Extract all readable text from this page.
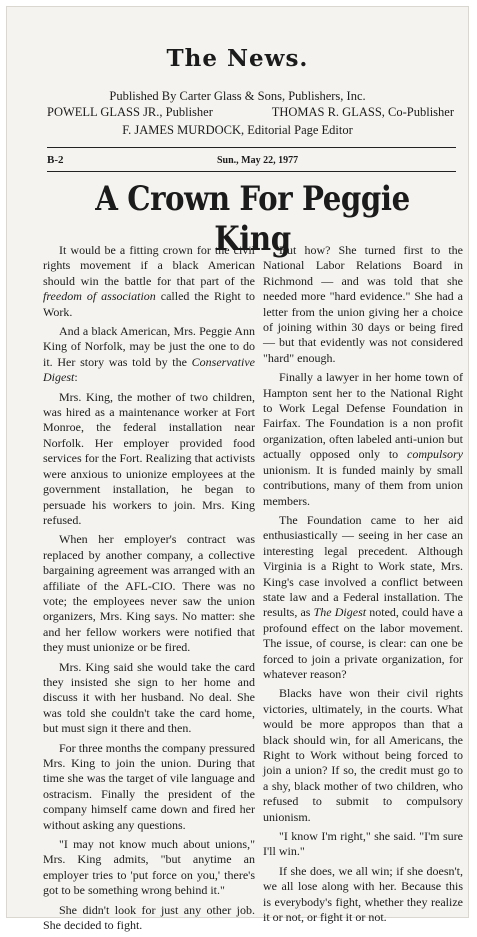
The News.
Published By Carter Glass & Sons, Publishers, Inc.
POWELL GLASS JR., Publisher	THOMAS R. GLASS, Co-Publisher
F. JAMES MURDOCK, Editorial Page Editor
B-2	Sun., May 22, 1977
A Crown For Peggie King

It would be a fitting crown for the civil rights movement if a black American should win the battle for that part of the freedom of association called the Right to Work.

And a black American, Mrs. Peggie Ann King of Norfolk, may be just the one to do it. Her story was told by the Conservative Digest:

Mrs. King, the mother of two children, was hired as a maintenance worker at Fort Monroe, the federal installation near Norfolk. Her employer provided food services for the Fort. Realizing that activists were anxious to unionize employees at the government installation, he began to persuade his workers to join. Mrs. King refused.

When her employer's contract was replaced by another company, a collective bargaining agreement was arranged with an affiliate of the AFL-CIO. There was no vote; the employees never saw the union organizers, Mrs. King says. No matter: she and her fellow workers were notified that they must unionize or be fired.

Mrs. King said she would take the card they insisted she sign to her home and discuss it with her husband. No deal. She was told she couldn't take the card home, but must sign it there and then.

For three months the company pressured Mrs. King to join the union. During that time she was the target of vile language and ostracism. Finally the president of the company himself came down and fired her without asking any questions.

"I may not know much about unions," Mrs. King admits, "but anytime an employer tries to 'put force on you,' there's got to be something wrong behind it."

She didn't look for just any other job. She decided to fight.

But how? She turned first to the National Labor Relations Board in Richmond — and was told that she needed more "hard evidence." She had a letter from the union giving her a choice of joining within 30 days or being fired — but that evidently was not considered "hard" enough.

Finally a lawyer in her home town of Hampton sent her to the National Right to Work Legal Defense Foundation in Fairfax. The Foundation is a non profit organization, often labeled anti-union but actually opposed only to compulsory unionism. It is funded mainly by small contributions, many of them from union members.

The Foundation came to her aid enthusiastically — seeing in her case an interesting legal precedent. Although Virginia is a Right to Work state, Mrs. King's case involved a conflict between state law and a Federal installation. The results, as The Digest noted, could have a profound effect on the labor movement. The issue, of course, is clear: can one be forced to join a private organization, for whatever reason?

Blacks have won their civil rights victories, ultimately, in the courts. What would be more appropos than that a black should win, for all Americans, the Right to Work without being forced to join a union? If so, the credit must go to a shy, black mother of two children, who refused to submit to compulsory unionism.

"I know I'm right," she said. "I'm sure I'll win."

If she does, we all win; if she doesn't, we all lose along with her. Because this is everybody's fight, whether they realize it or not, or fight it or not.
